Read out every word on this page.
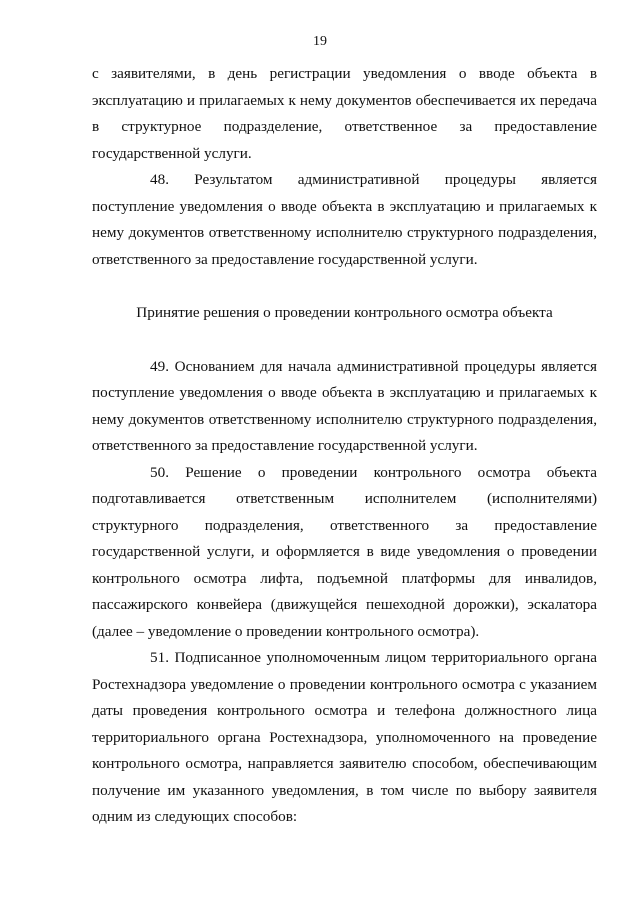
19

с заявителями, в день регистрации уведомления о вводе объекта в эксплуатацию и прилагаемых к нему документов обеспечивается их передача в структурное подразделение, ответственное за предоставление государственной услуги.

48. Результатом административной процедуры является поступление уведомления о вводе объекта в эксплуатацию и прилагаемых к нему документов ответственному исполнителю структурного подразделения, ответственного за предоставление государственной услуги.

Принятие решения о проведении контрольного осмотра объекта

49. Основанием для начала административной процедуры является поступление уведомления о вводе объекта в эксплуатацию и прилагаемых к нему документов ответственному исполнителю структурного подразделения, ответственного за предоставление государственной услуги.

50. Решение о проведении контрольного осмотра объекта подготавливается ответственным исполнителем (исполнителями) структурного подразделения, ответственного за предоставление государственной услуги, и оформляется в виде уведомления о проведении контрольного осмотра лифта, подъемной платформы для инвалидов, пассажирского конвейера (движущейся пешеходной дорожки), эскалатора (далее – уведомление о проведении контрольного осмотра).

51. Подписанное уполномоченным лицом территориального органа Ростехнадзора уведомление о проведении контрольного осмотра с указанием даты проведения контрольного осмотра и телефона должностного лица территориального органа Ростехнадзора, уполномоченного на проведение контрольного осмотра, направляется заявителю способом, обеспечивающим получение им указанного уведомления, в том числе по выбору заявителя одним из следующих способов:
